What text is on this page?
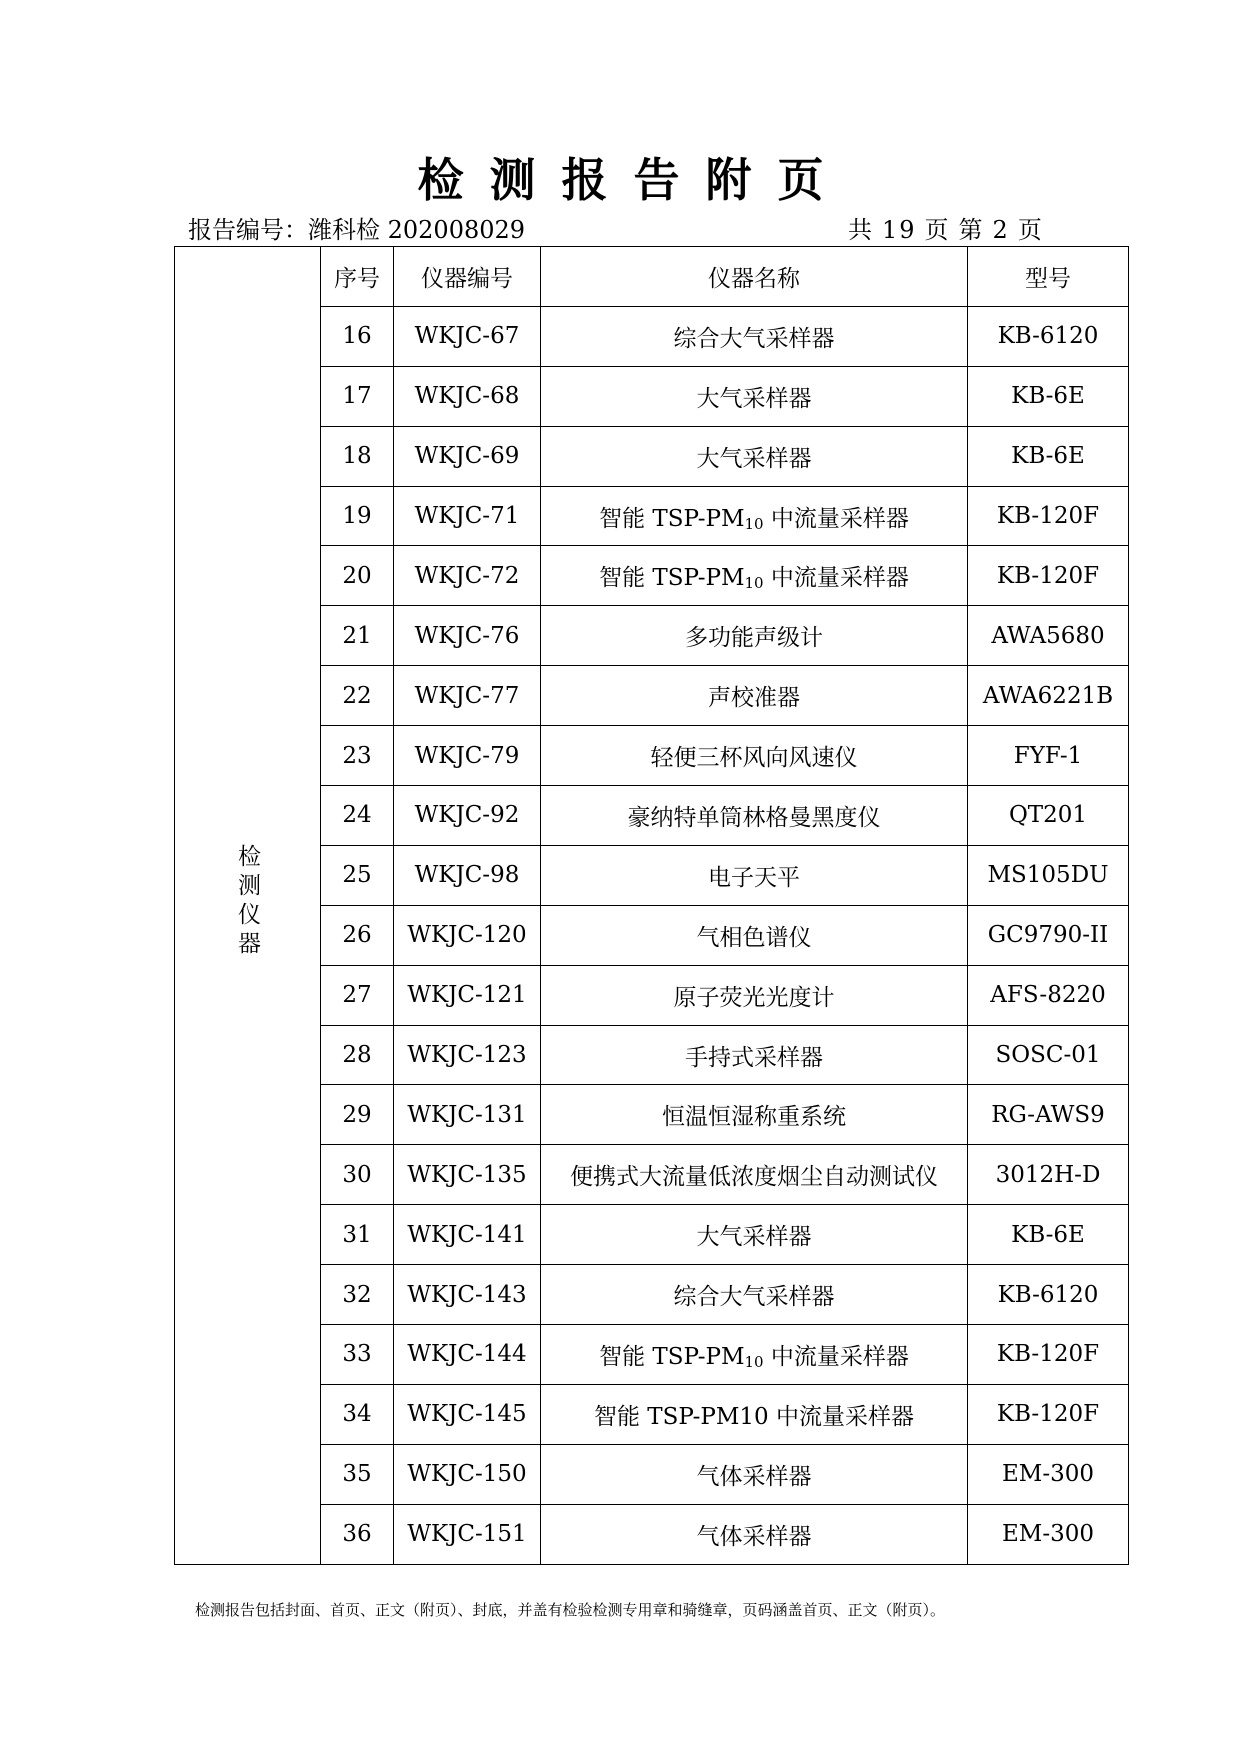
检测报告附页
报告编号：潍科检 202008029	共 19 页 第 2 页
检测仪器	序号	仪器编号	仪器名称	型号
	16	WKJC-67	综合大气采样器	KB-6120
	17	WKJC-68	大气采样器	KB-6E
	18	WKJC-69	大气采样器	KB-6E
	19	WKJC-71	智能 TSP-$PM_{10}$ 中流量采样器	KB-120F
	20	WKJC-72	智能 TSP-$PM_{10}$ 中流量采样器	KB-120F
	21	WKJC-76	多功能声级计	AWA5680
	22	WKJC-77	声校准器	AWA6221B
	23	WKJC-79	轻便三杯风向风速仪	FYF-1
	24	WKJC-92	豪纳特单筒林格曼黑度仪	QT201
	25	WKJC-98	电子天平	MS105DU
	26	WKJC-120	气相色谱仪	GC9790-II
	27	WKJC-121	原子荧光光度计	AFS-8220
	28	WKJC-123	手持式采样器	SOSC-01
	29	WKJC-131	恒温恒湿称重系统	RG-AWS9
	30	WKJC-135	便携式大流量低浓度烟尘自动测试仪	3012H-D
	31	WKJC-141	大气采样器	KB-6E
	32	WKJC-143	综合大气采样器	KB-6120
	33	WKJC-144	智能 TSP-$PM_{10}$ 中流量采样器	KB-120F
	34	WKJC-145	智能 TSP-PM10 中流量采样器	KB-120F
	35	WKJC-150	气体采样器	EM-300
	36	WKJC-151	气体采样器	EM-300
检测报告包括封面、首页、正文（附页）、封底，并盖有检验检测专用章和骑缝章，页码涵盖首页、正文（附页）。
